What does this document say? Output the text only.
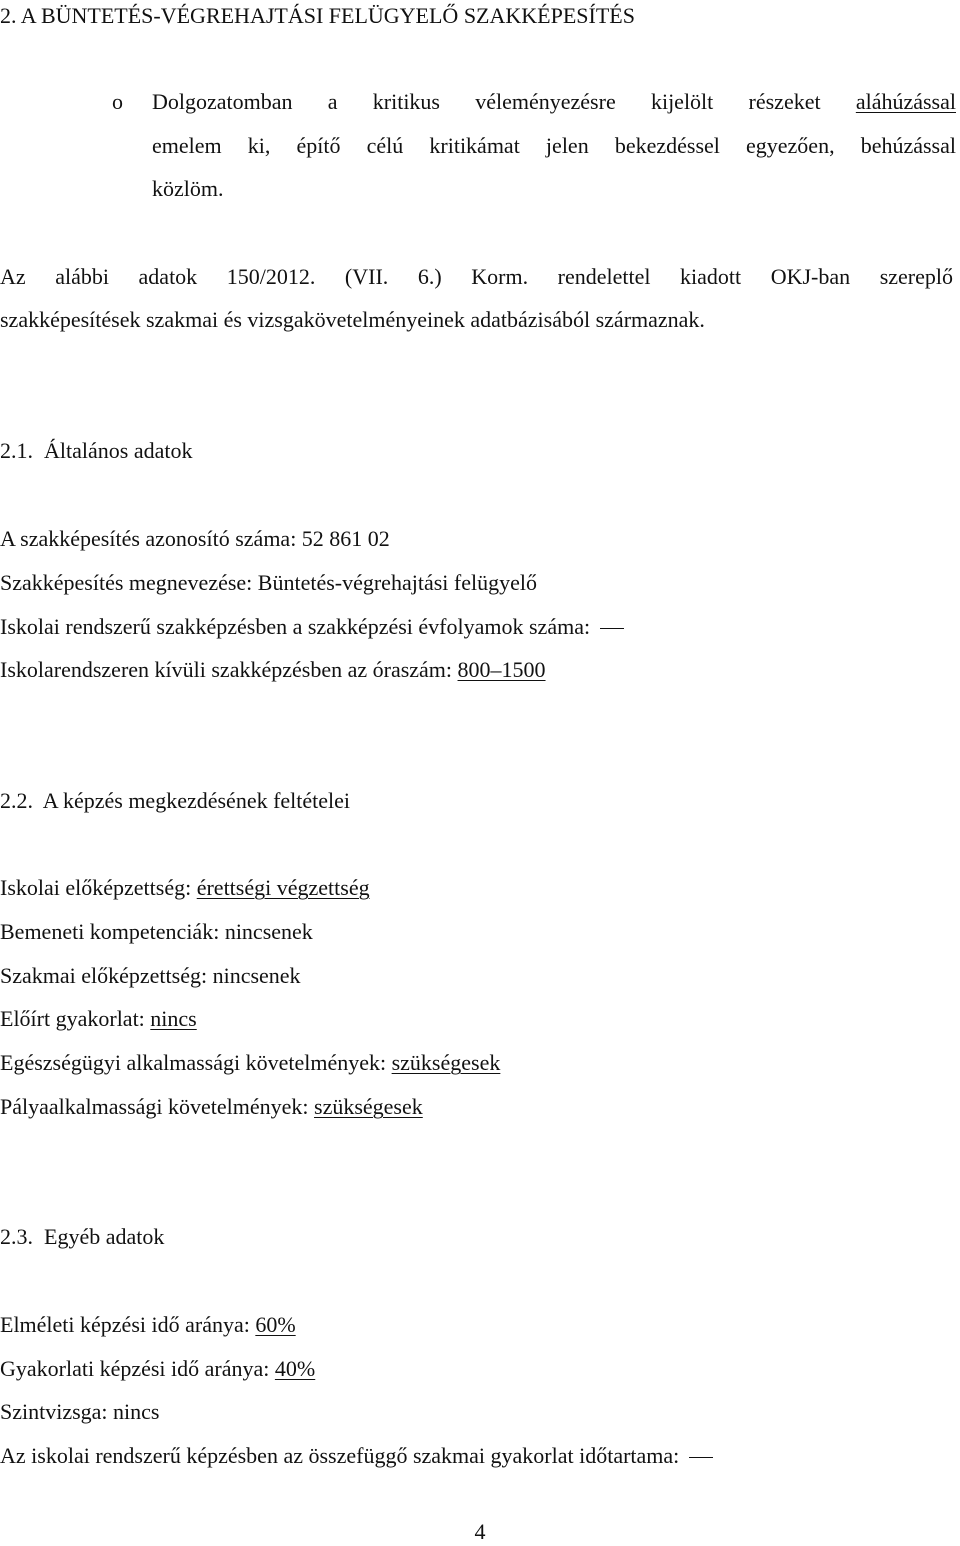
2. A BÜNTETÉS-VÉGREHAJTÁSI FELÜGYELŐ SZAKKÉPESÍTÉS
o Dolgozatomban a kritikus véleményezésre kijelölt részeket aláhúzással
emelem ki, építő célú kritikámat jelen bekezdéssel egyezően, behúzással
közlöm.
Az alábbi adatok 150/2012. (VII. 6.) Korm. rendelettel kiadott OKJ-ban szereplő
szakképesítések szakmai és vizsgakövetelményeinek adatbázisából származnak.
2.1.  Általános adatok
A szakképesítés azonosító száma: 52 861 02
Szakképesítés megnevezése: Büntetés-végrehajtási felügyelő
Iskolai rendszerű szakképzésben a szakképzési évfolyamok száma:
Iskolarendszeren kívüli szakképzésben az óraszám: 800–1500
2.2.  A képzés megkezdésének feltételei
Iskolai előképzettség: érettségi végzettség
Bemeneti kompetenciák: nincsenek
Szakmai előképzettség: nincsenek
Előírt gyakorlat: nincs
Egészségügyi alkalmassági követelmények: szükségesek
Pályaalkalmassági követelmények: szükségesek
2.3.  Egyéb adatok
Elméleti képzési idő aránya: 60%
Gyakorlati képzési idő aránya: 40%
Szintvizsga: nincs
Az iskolai rendszerű képzésben az összefüggő szakmai gyakorlat időtartama:
4
